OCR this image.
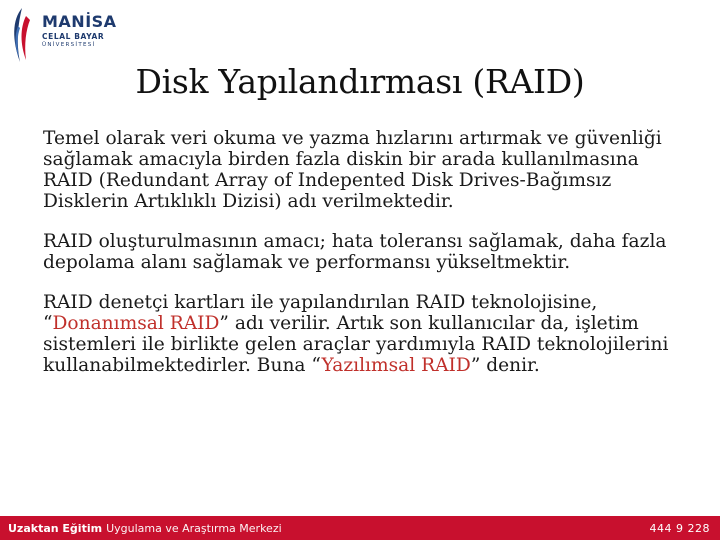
MANİSA
CELAL BAYAR
ÜNİVERSİTESİ
Disk Yapılandırması (RAID)

Temel olarak veri okuma ve yazma hızlarını artırmak ve güvenliği sağlamak amacıyla birden fazla diskin bir arada kullanılmasına RAID (Redundant Array of Indepented Disk Drives-Bağımsız Disklerin Artıklıklı Dizisi) adı verilmektedir.

RAID oluşturulmasının amacı; hata toleransı sağlamak, daha fazla depolama alanı sağlamak ve performansı yükseltmektir.

RAID denetçi kartları ile yapılandırılan RAID teknolojisine, “Donanımsal RAID” adı verilir. Artık son kullanıcılar da, işletim sistemleri ile birlikte gelen araçlar yardımıyla RAID teknolojilerini kullanabilmektedirler. Buna “Yazılımsal RAID” denir.

Uzaktan Eğitim Uygulama ve Araştırma Merkezi	444 9 228
